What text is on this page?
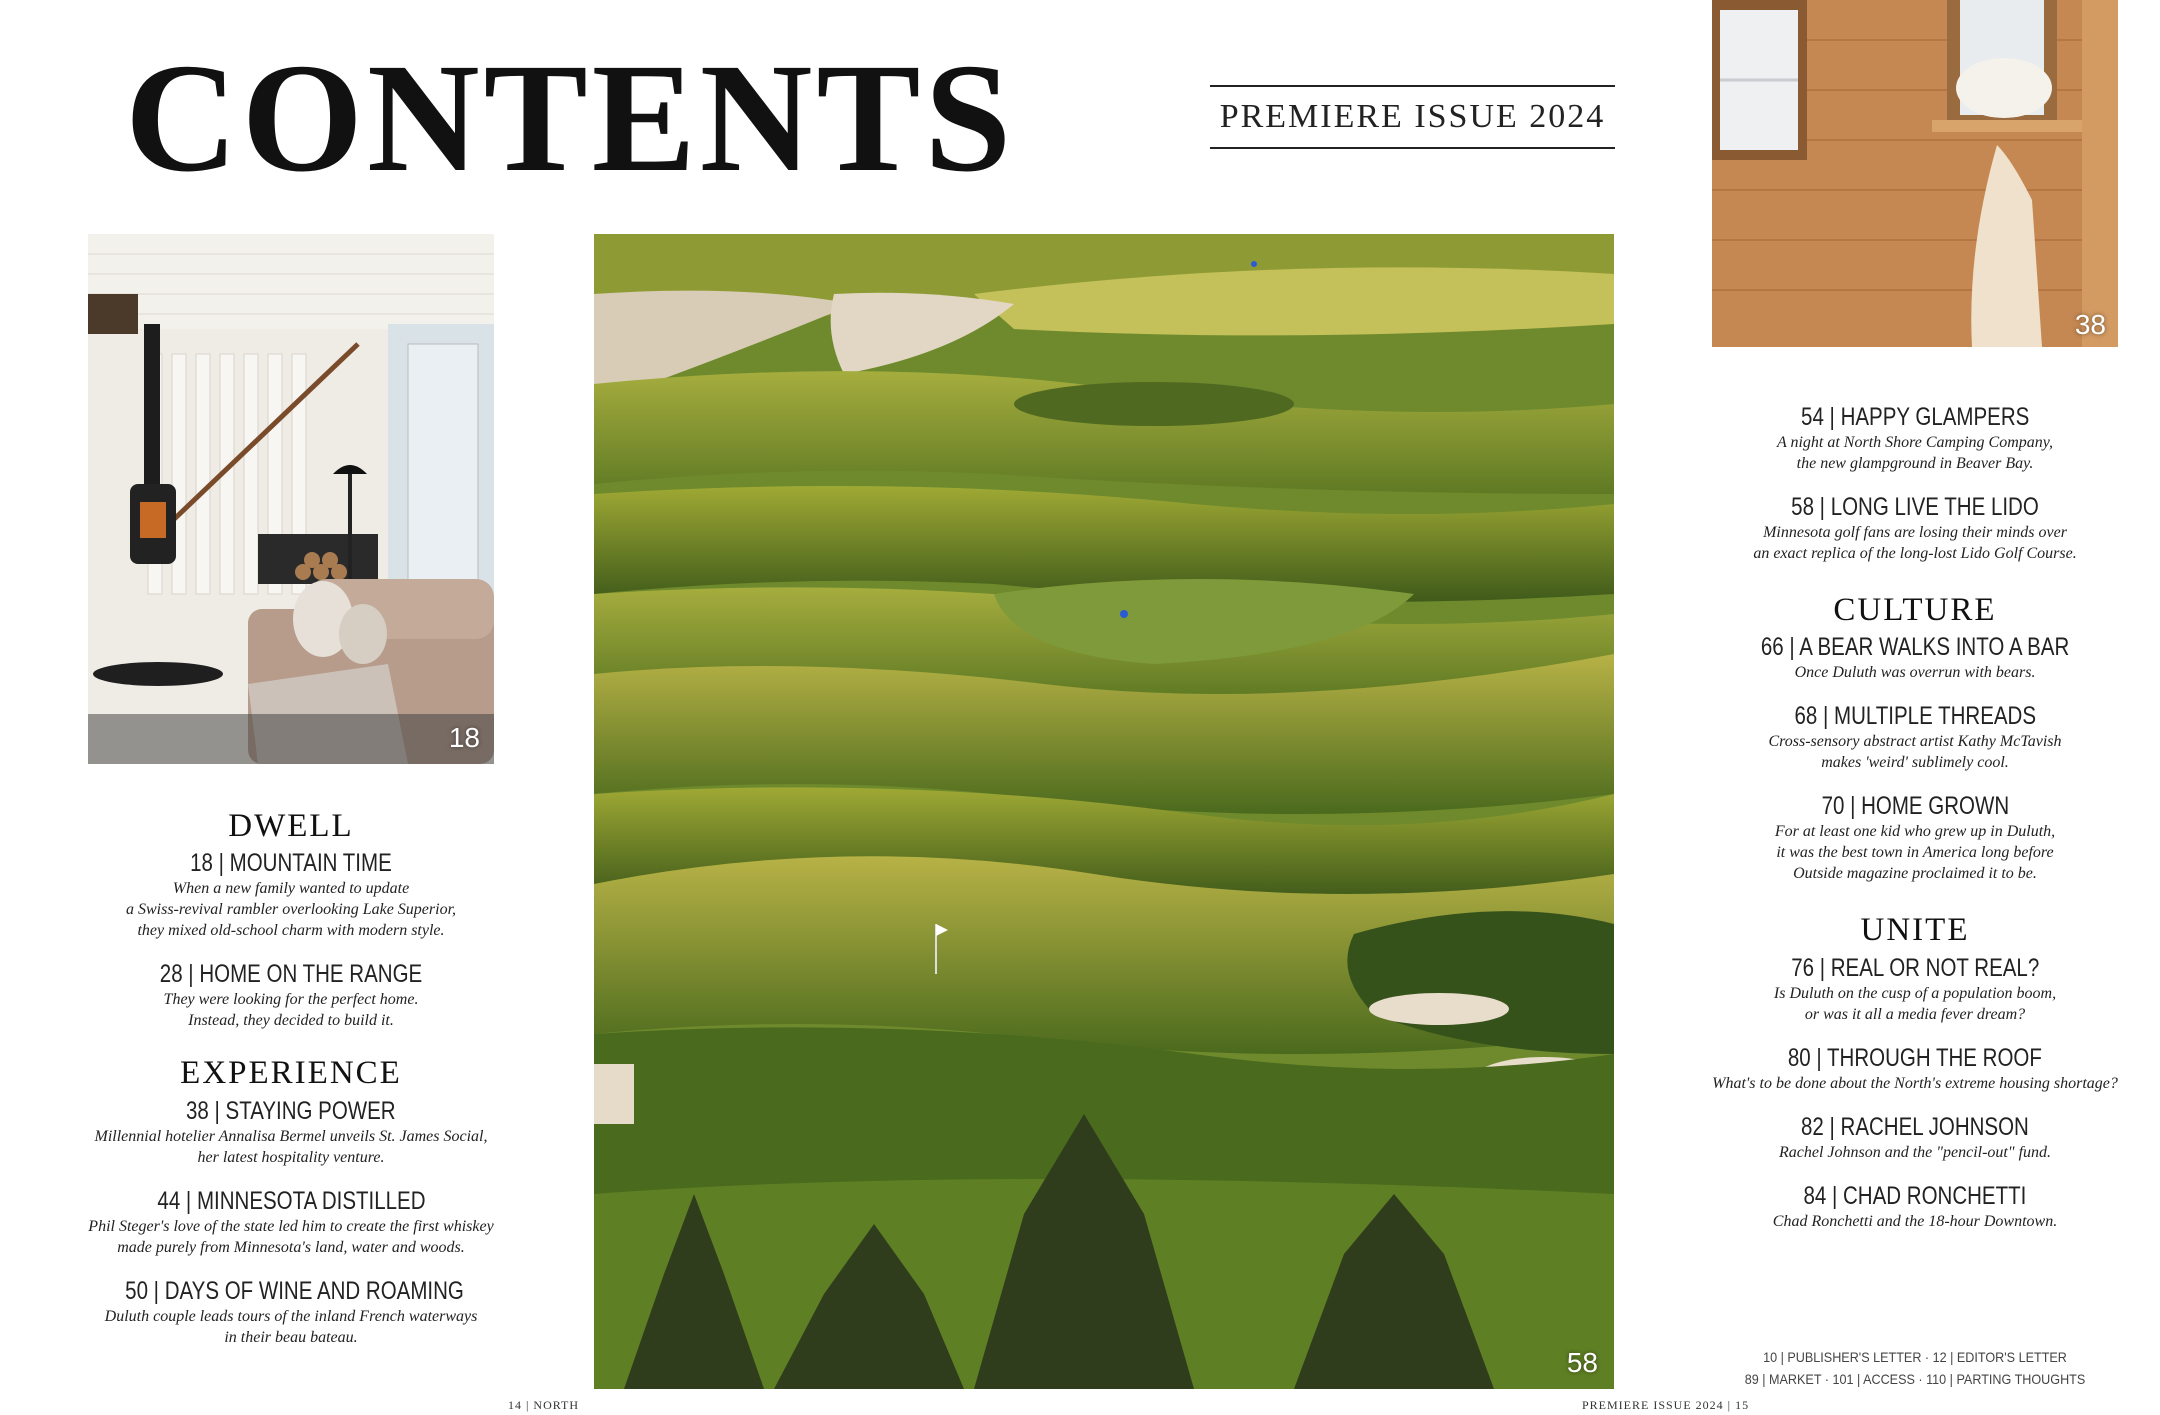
CONTENTS	PREMIERE ISSUE 2024
18
58
38
DWELL
18 | MOUNTAIN TIME
When a new family wanted to update
a Swiss-revival rambler overlooking Lake Superior,
they mixed old-school charm with modern style.
28 | HOME ON THE RANGE
They were looking for the perfect home.
Instead, they decided to build it.
EXPERIENCE
38 | STAYING POWER
Millennial hotelier Annalisa Bermel unveils St. James Social,
her latest hospitality venture.
44 | MINNESOTA DISTILLED
Phil Steger's love of the state led him to create the first whiskey
made purely from Minnesota's land, water and woods.
50 | DAYS OF WINE AND ROAMING
Duluth couple leads tours of the inland French waterways
in their beau bateau.
54 | HAPPY GLAMPERS
A night at North Shore Camping Company,
the new glampground in Beaver Bay.
58 | LONG LIVE THE LIDO
Minnesota golf fans are losing their minds over
an exact replica of the long-lost Lido Golf Course.
CULTURE
66 | A BEAR WALKS INTO A BAR
Once Duluth was overrun with bears.
68 | MULTIPLE THREADS
Cross-sensory abstract artist Kathy McTavish
makes 'weird' sublimely cool.
70 | HOME GROWN
For at least one kid who grew up in Duluth,
it was the best town in America long before
Outside magazine proclaimed it to be.
UNITE
76 | REAL OR NOT REAL?
Is Duluth on the cusp of a population boom,
or was it all a media fever dream?
80 | THROUGH THE ROOF
What's to be done about the North's extreme housing shortage?
82 | RACHEL JOHNSON
Rachel Johnson and the "pencil-out" fund.
84 | CHAD RONCHETTI
Chad Ronchetti and the 18-hour Downtown.
10 | PUBLISHER'S LETTER · 12 | EDITOR'S LETTER
89 | MARKET · 101 | ACCESS · 110 | PARTING THOUGHTS
14 | NORTH	PREMIERE ISSUE 2024 | 15
